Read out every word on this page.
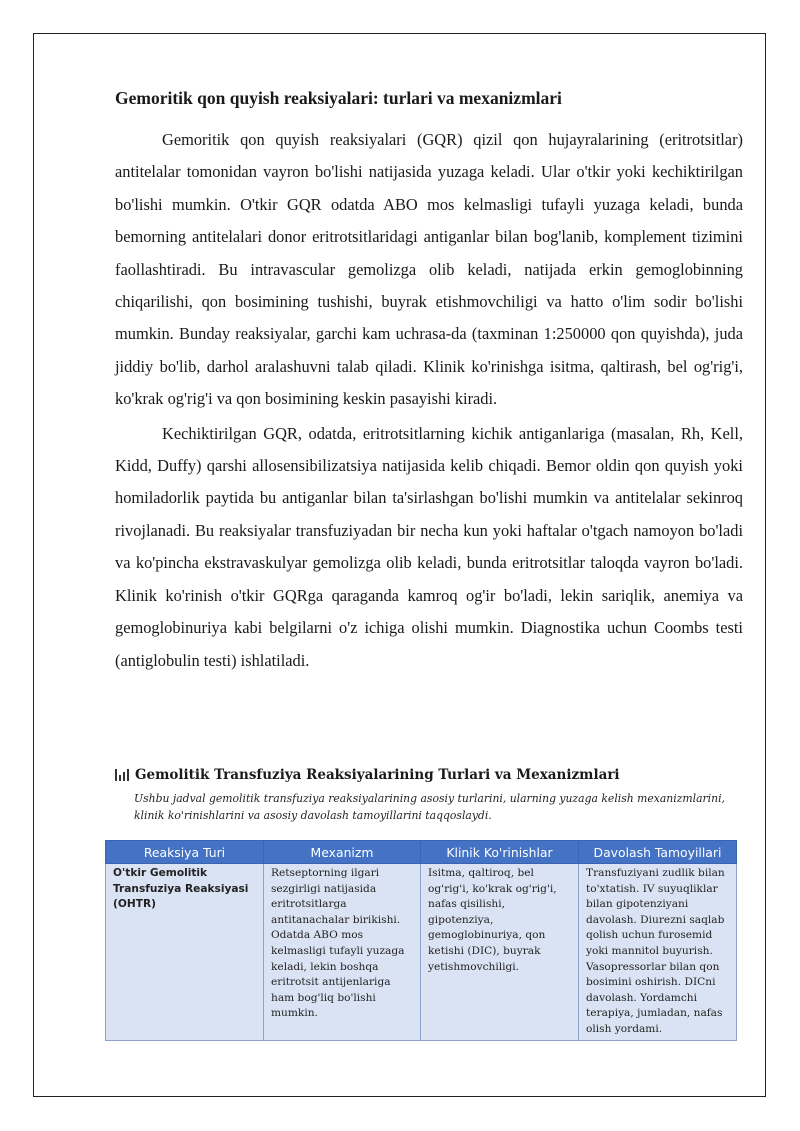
Gemoritik qon quyish reaksiyalari: turlari va mexanizmlari

Gemoritik qon quyish reaksiyalari (GQR) qizil qon hujayralarining (eritrotsitlar) antitelalar tomonidan vayron bo'lishi natijasida yuzaga keladi. Ular o'tkir yoki kechiktirilgan bo'lishi mumkin. O'tkir GQR odatda ABO mos kelmasligi tufayli yuzaga keladi, bunda bemorning antitelalari donor eritrotsitlaridagi antiganlar bilan bog'lanib, komplement tizimini faollashtiradi. Bu intravascular gemolizga olib keladi, natijada erkin gemoglobinning chiqarilishi, qon bosimining tushishi, buyrak etishmovchiligi va hatto o'lim sodir bo'lishi mumkin. Bunday reaksiyalar, garchi kam uchrasa-da (taxminan 1:250000 qon quyishda), juda jiddiy bo'lib, darhol aralashuvni talab qiladi. Klinik ko'rinishga isitma, qaltirash, bel og'rig'i, ko'krak og'rig'i va qon bosimining keskin pasayishi kiradi.

Kechiktirilgan GQR, odatda, eritrotsitlarning kichik antiganlariga (masalan, Rh, Kell, Kidd, Duffy) qarshi allosensibilizatsiya natijasida kelib chiqadi. Bemor oldin qon quyish yoki homiladorlik paytida bu antiganlar bilan ta'sirlashgan bo'lishi mumkin va antitelalar sekinroq rivojlanadi. Bu reaksiyalar transfuziyadan bir necha kun yoki haftalar o'tgach namoyon bo'ladi va ko'pincha ekstravaskulyar gemolizga olib keladi, bunda eritrotsitlar taloqda vayron bo'ladi. Klinik ko'rinish o'tkir GQRga qaraganda kamroq og'ir bo'ladi, lekin sariqlik, anemiya va gemoglobinuriya kabi belgilarni o'z ichiga olishi mumkin. Diagnostika uchun Coombs testi (antiglobulin testi) ishlatiladi.

Gemolitik Transfuziya Reaksiyalarining Turlari va Mexanizmlari
Ushbu jadval gemolitik transfuziya reaksiyalarining asosiy turlarini, ularning yuzaga kelish mexanizmlarini, klinik ko'rinishlarini va asosiy davolash tamoyillarini taqqoslaydi.
Reaksiya Turi	Mexanizm	Klinik Ko'rinishlar	Davolash Tamoyillari
O'tkir Gemolitik Transfuziya Reaksiyasi (OHTR)	Retseptorning ilgari sezgirligi natijasida eritrotsitlarga antitanachalar birikishi. Odatda ABO mos kelmasligi tufayli yuzaga keladi, lekin boshqa eritrotsit antijenlariga ham bog'liq bo'lishi mumkin.	Isitma, qaltiroq, bel og'rig'i, ko'krak og'rig'i, nafas qisilishi, gipotenziya, gemoglobinuriya, qon ketishi (DIC), buyrak yetishmovchiligi.	Transfuziyani zudlik bilan to'xtatish. IV suyuqliklar bilan gipotenziyani davolash. Diurezni saqlab qolish uchun furosemid yoki mannitol buyurish. Vasopressorlar bilan qon bosimini oshirish. DICni davolash. Yordamchi terapiya, jumladan, nafas olish yordami.
